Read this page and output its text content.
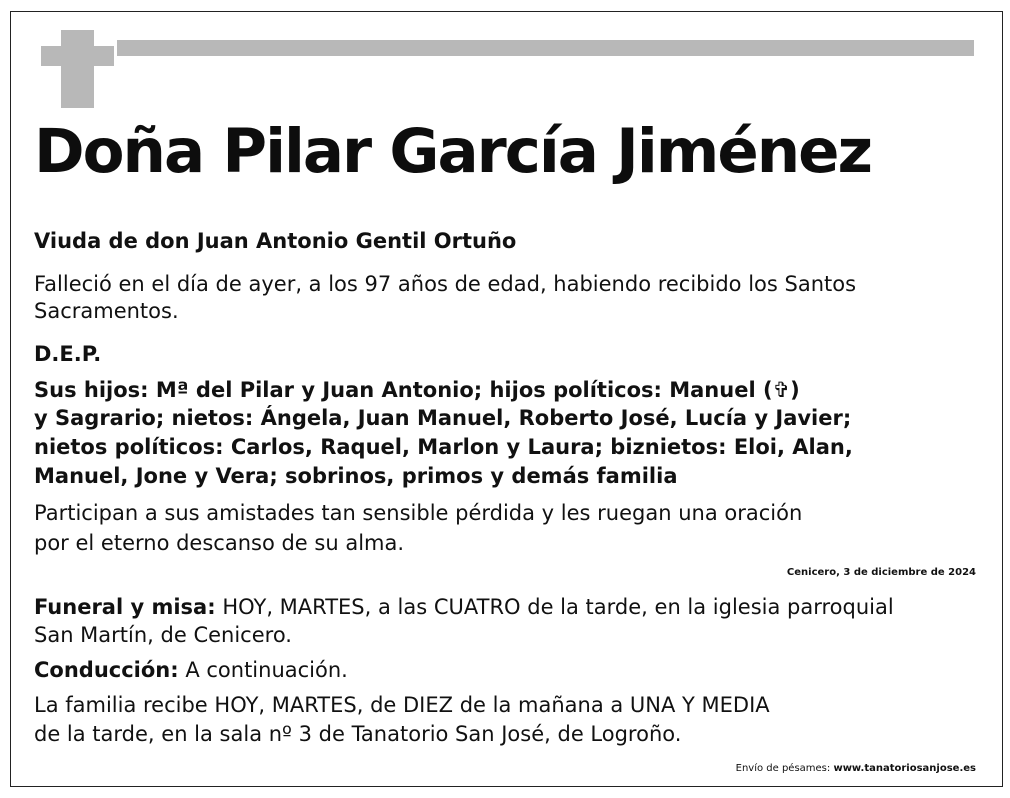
Doña Pilar García Jiménez
Viuda de don Juan Antonio Gentil Ortuño
Falleció en el día de ayer, a los 97 años de edad, habiendo recibido los Santos
Sacramentos.
D.E.P.
Sus hijos: Mª del Pilar y Juan Antonio; hijos políticos: Manuel (✞)
y Sagrario; nietos: Ángela, Juan Manuel, Roberto José, Lucía y Javier;
nietos políticos: Carlos, Raquel, Marlon y Laura; biznietos: Eloi, Alan,
Manuel, Jone y Vera; sobrinos, primos y demás familia
Participan a sus amistades tan sensible pérdida y les ruegan una oración
por el eterno descanso de su alma.
Cenicero, 3 de diciembre de 2024
Funeral y misa: HOY, MARTES, a las CUATRO de la tarde, en la iglesia parroquial
San Martín, de Cenicero.
Conducción: A continuación.
La familia recibe HOY, MARTES, de DIEZ de la mañana a UNA Y MEDIA
de la tarde, en la sala nº 3 de Tanatorio San José, de Logroño.
Envío de pésames: www.tanatoriosanjose.es
